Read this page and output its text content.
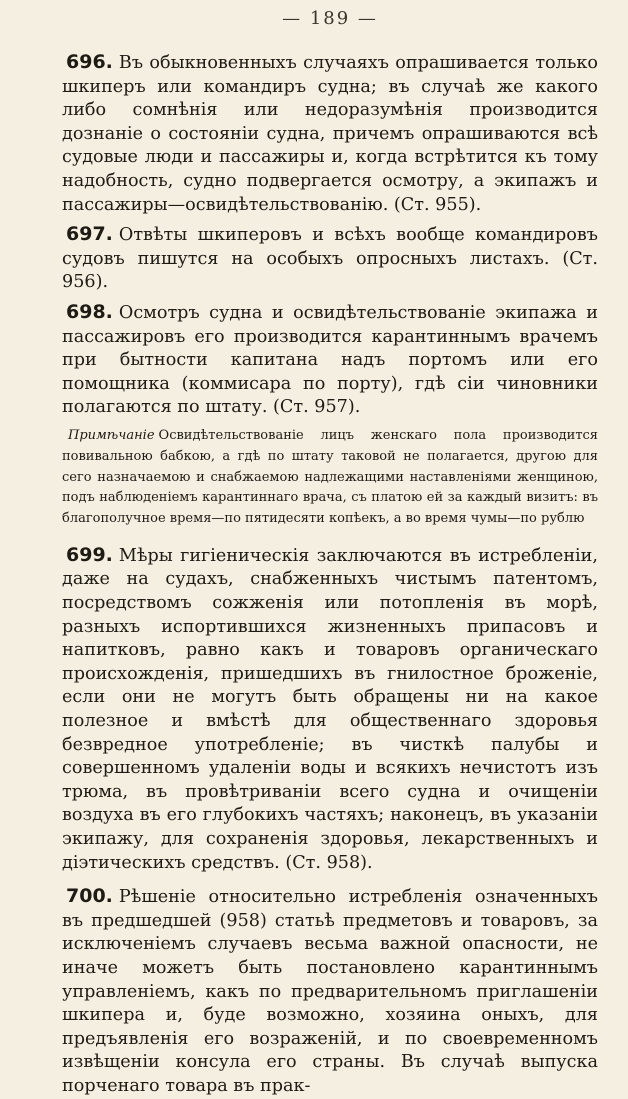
— 189 —

696. Въ обыкновенныхъ случаяхъ опрашивается только шкиперъ или командиръ судна; въ случаѣ же какого либо сомнѣнія или недоразумѣнія производится дознаніе о состояніи судна, причемъ опрашиваются всѣ судовые люди и пассажиры и, когда встрѣтится къ тому надобность, судно подвергается осмотру, а экипажъ и пассажиры—освидѣтельствованію. (Ст. 955).

697. Отвѣты шкиперовъ и всѣхъ вообще командировъ судовъ пишутся на особыхъ опросныхъ листахъ. (Ст. 956).

698. Осмотръ судна и освидѣтельствованіе экипажа и пассажировъ его производится карантиннымъ врачемъ при бытности капитана надъ портомъ или его помощника (коммисара по порту), гдѣ сіи чиновники полагаются по штату. (Ст. 957).

Примѣчаніе Освидѣтельствованіе лицъ женскаго пола производится повивальною бабкою, а гдѣ по штату таковой не полагается, другою для сего назначаемою и снабжаемою надлежащими наставленіями женщиною, подъ наблюденіемъ карантиннаго врача, съ платою ей за каждый визитъ: въ благополучное время—по пятидесяти копѣекъ, а во время чумы—по рублю

699. Мѣры гигіеническія заключаются въ истребленіи, даже на судахъ, снабженныхъ чистымъ патентомъ, посредствомъ сожженія или потопленія въ морѣ, разныхъ испортившихся жизненныхъ припасовъ и напитковъ, равно какъ и товаровъ органическаго происхожденія, пришедшихъ въ гнилостное броженіе, если они не могутъ быть обращены ни на какое полезное и вмѣстѣ для общественнаго здоровья безвредное употребленіе; въ чисткѣ палубы и совершенномъ удаленіи воды и всякихъ нечистотъ изъ трюма, въ провѣтриваніи всего судна и очищеніи воздуха въ его глубокихъ частяхъ; наконецъ, въ указаніи экипажу, для сохраненія здоровья, лекарственныхъ и діэтическихъ средствъ. (Ст. 958).

700. Рѣшеніе относительно истребленія означенныхъ въ предшедшей (958) статьѣ предметовъ и товаровъ, за исключеніемъ случаевъ весьма важной опасности, не иначе можетъ быть постановлено карантиннымъ управленіемъ, какъ по предварительномъ приглашеніи шкипера и, буде возможно, хозяина оныхъ, для предъявленія его возраженій, и по своевременномъ извѣщеніи консула его страны. Въ случаѣ выпуска порченаго товара въ прак-
